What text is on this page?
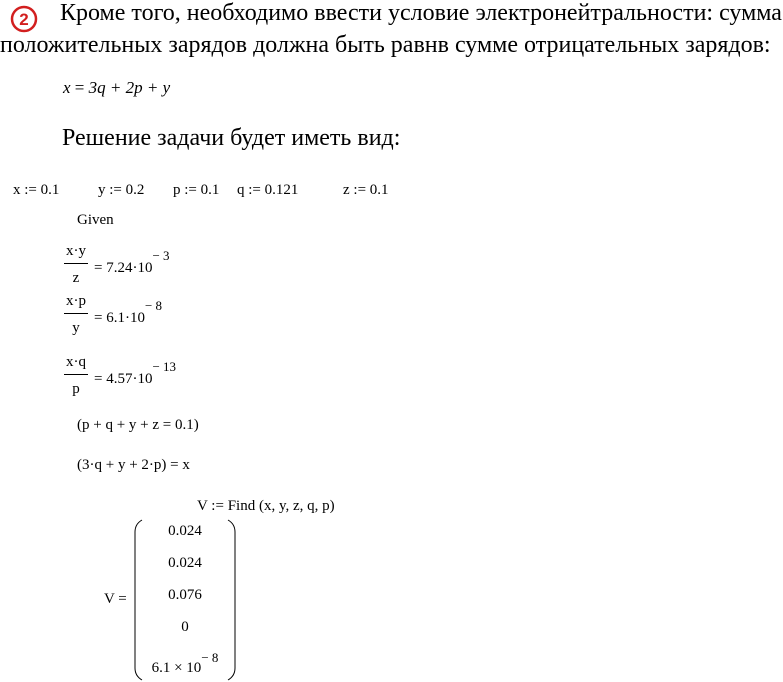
2 Кроме того, необходимо ввести условие электронейтральности: сумма
положительных зарядов должна быть равнв сумме отрицательных зарядов:
x = 3q + 2p + y
Решение задачи будет иметь вид:
x := 0.1	y := 0.2 p := 0.1 q := 0.121	z := 0.1
Given
$\frac{x\cdot y}{z} = 7.24\cdot 10^{- 3}$
$\frac{x\cdot p}{y} = 6.1\cdot 10^{- 8}$
$\frac{x\cdot q}{p} = 4.57\cdot 10^{- 13}$
(p + q + y + z = 0.1)
(3·q + y + 2·p) = x
V := Find (x, y, z, q, p)
V =
0.024
0.024
0.076
0
$6.1 \times 10^{- 8}$
